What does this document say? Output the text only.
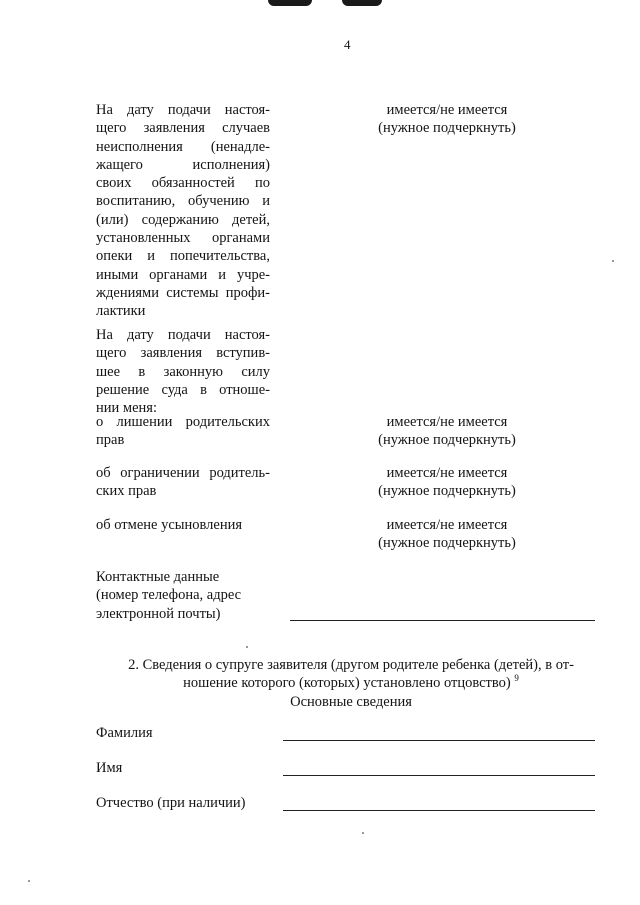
4
На дату подачи настоя-
щего заявления случаев
неисполнения (ненадле-
жащего исполнения)
своих обязанностей по
воспитанию, обучению и
(или) содержанию детей,
установленных органами
опеки и попечительства,
иными органами и учре-
ждениями системы профи-
лактики
имеется/не имеется
(нужное подчеркнуть)
На дату подачи настоя-
щего заявления вступив-
шее в законную силу
решение суда в отноше-
нии меня:
о лишении родительских
прав
имеется/не имеется
(нужное подчеркнуть)
об ограничении родитель-
ских прав
имеется/не имеется
(нужное подчеркнуть)
об отмене усыновления	имеется/не имеется
(нужное подчеркнуть)
Контактные данные
(номер телефона, адрес
электронной почты)
2. Сведения о супруге заявителя (другом родителе ребенка (детей), в от-
ношение которого (которых) установлено отцовство) $^9$
Основные сведения
Фамилия
Имя
Отчество (при наличии)
